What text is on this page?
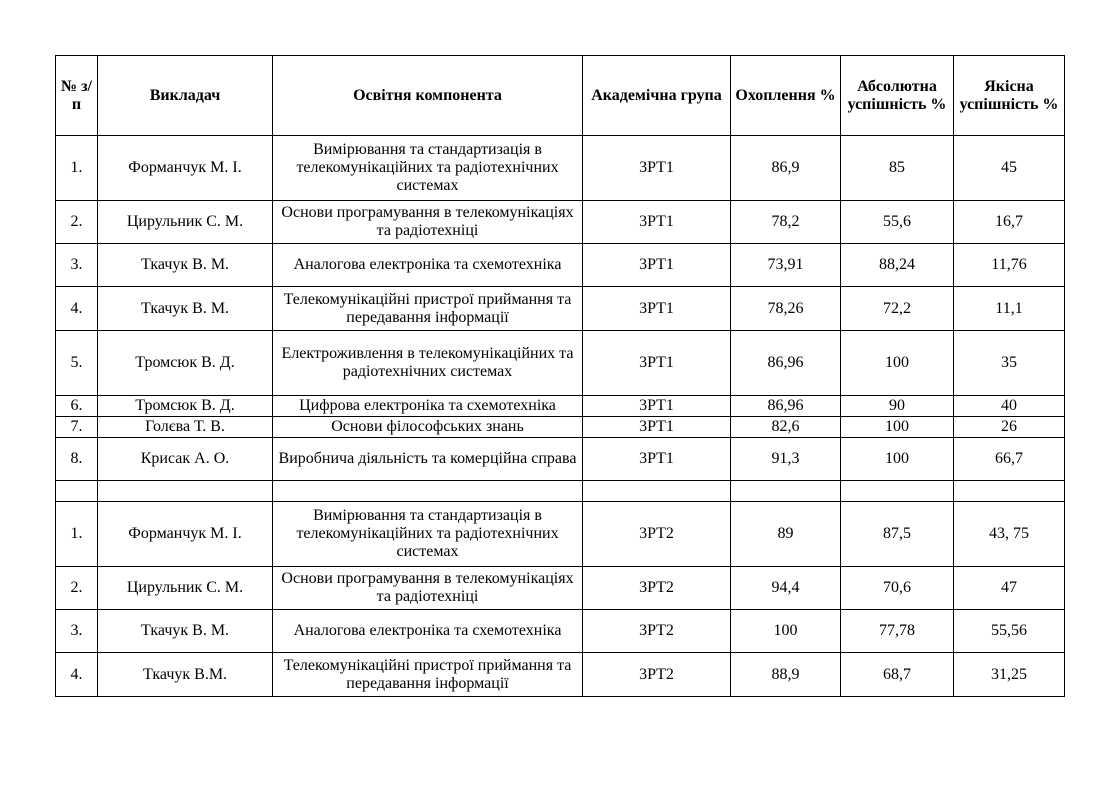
№ з/п	Викладач	Освітня компонента	Академічна група	Охоплення %	Абсолютна успішність %	Якісна успішність %
1.	Форманчук М. І.	Вимірювання та стандартизація в телекомунікаційних та радіотехнічних системах	3РТ1	86,9	85	45
2.	Цирульник С. М.	Основи програмування в телекомунікаціях та радіотехніці	3РТ1	78,2	55,6	16,7
3.	Ткачук В. М.	Аналогова електроніка та схемотехніка	3РТ1	73,91	88,24	11,76
4.	Ткачук В. М.	Телекомунікаційні пристрої приймання та передавання інформації	3РТ1	78,26	72,2	11,1
5.	Тромсюк В. Д.	Електроживлення в телекомунікаційних та радіотехнічних системах	3РТ1	86,96	100	35
6.	Тромсюк В. Д.	Цифрова електроніка та схемотехніка	3РТ1	86,96	90	40
7.	Голєва Т. В.	Основи філософських знань	3РТ1	82,6	100	26
8.	Крисак А. О.	Виробнича діяльність та комерційна справа	3РТ1	91,3	100	66,7

1.	Форманчук М. І.	Вимірювання та стандартизація в телекомунікаційних та радіотехнічних системах	3РТ2	89	87,5	43, 75
2.	Цирульник С. М.	Основи програмування в телекомунікаціях та радіотехніці	3РТ2	94,4	70,6	47
3.	Ткачук В. М.	Аналогова електроніка та схемотехніка	3РТ2	100	77,78	55,56
4.	Ткачук В.М.	Телекомунікаційні пристрої приймання та передавання інформації	3РТ2	88,9	68,7	31,25
